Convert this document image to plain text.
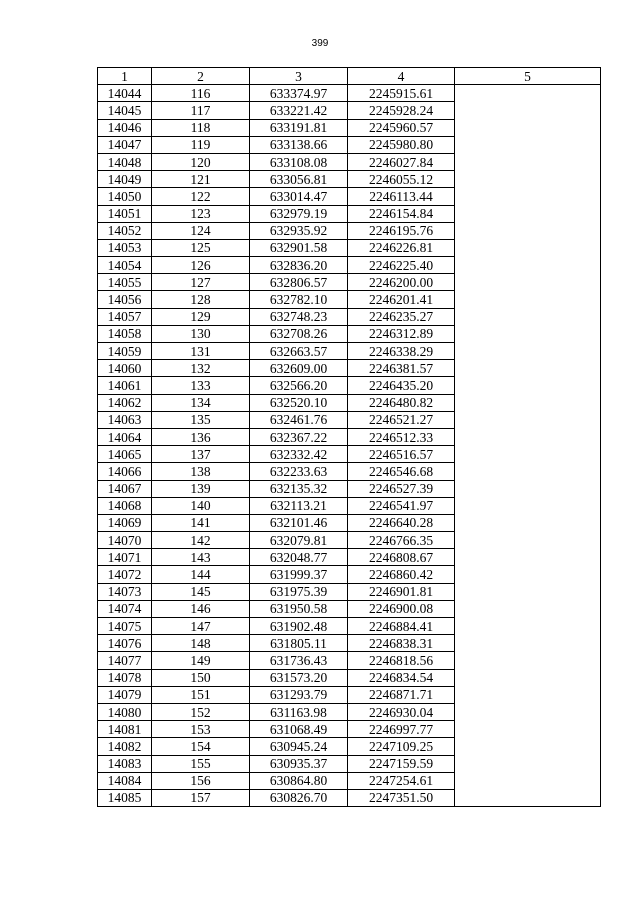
399
1	2	3	4	5
14044	116	633374.97	2245915.61	
14045	117	633221.42	2245928.24	
14046	118	633191.81	2245960.57	
14047	119	633138.66	2245980.80	
14048	120	633108.08	2246027.84	
14049	121	633056.81	2246055.12	
14050	122	633014.47	2246113.44	
14051	123	632979.19	2246154.84	
14052	124	632935.92	2246195.76	
14053	125	632901.58	2246226.81	
14054	126	632836.20	2246225.40	
14055	127	632806.57	2246200.00	
14056	128	632782.10	2246201.41	
14057	129	632748.23	2246235.27	
14058	130	632708.26	2246312.89	
14059	131	632663.57	2246338.29	
14060	132	632609.00	2246381.57	
14061	133	632566.20	2246435.20	
14062	134	632520.10	2246480.82	
14063	135	632461.76	2246521.27	
14064	136	632367.22	2246512.33	
14065	137	632332.42	2246516.57	
14066	138	632233.63	2246546.68	
14067	139	632135.32	2246527.39	
14068	140	632113.21	2246541.97	
14069	141	632101.46	2246640.28	
14070	142	632079.81	2246766.35	
14071	143	632048.77	2246808.67	
14072	144	631999.37	2246860.42	
14073	145	631975.39	2246901.81	
14074	146	631950.58	2246900.08	
14075	147	631902.48	2246884.41	
14076	148	631805.11	2246838.31	
14077	149	631736.43	2246818.56	
14078	150	631573.20	2246834.54	
14079	151	631293.79	2246871.71	
14080	152	631163.98	2246930.04	
14081	153	631068.49	2246997.77	
14082	154	630945.24	2247109.25	
14083	155	630935.37	2247159.59	
14084	156	630864.80	2247254.61	
14085	157	630826.70	2247351.50	
